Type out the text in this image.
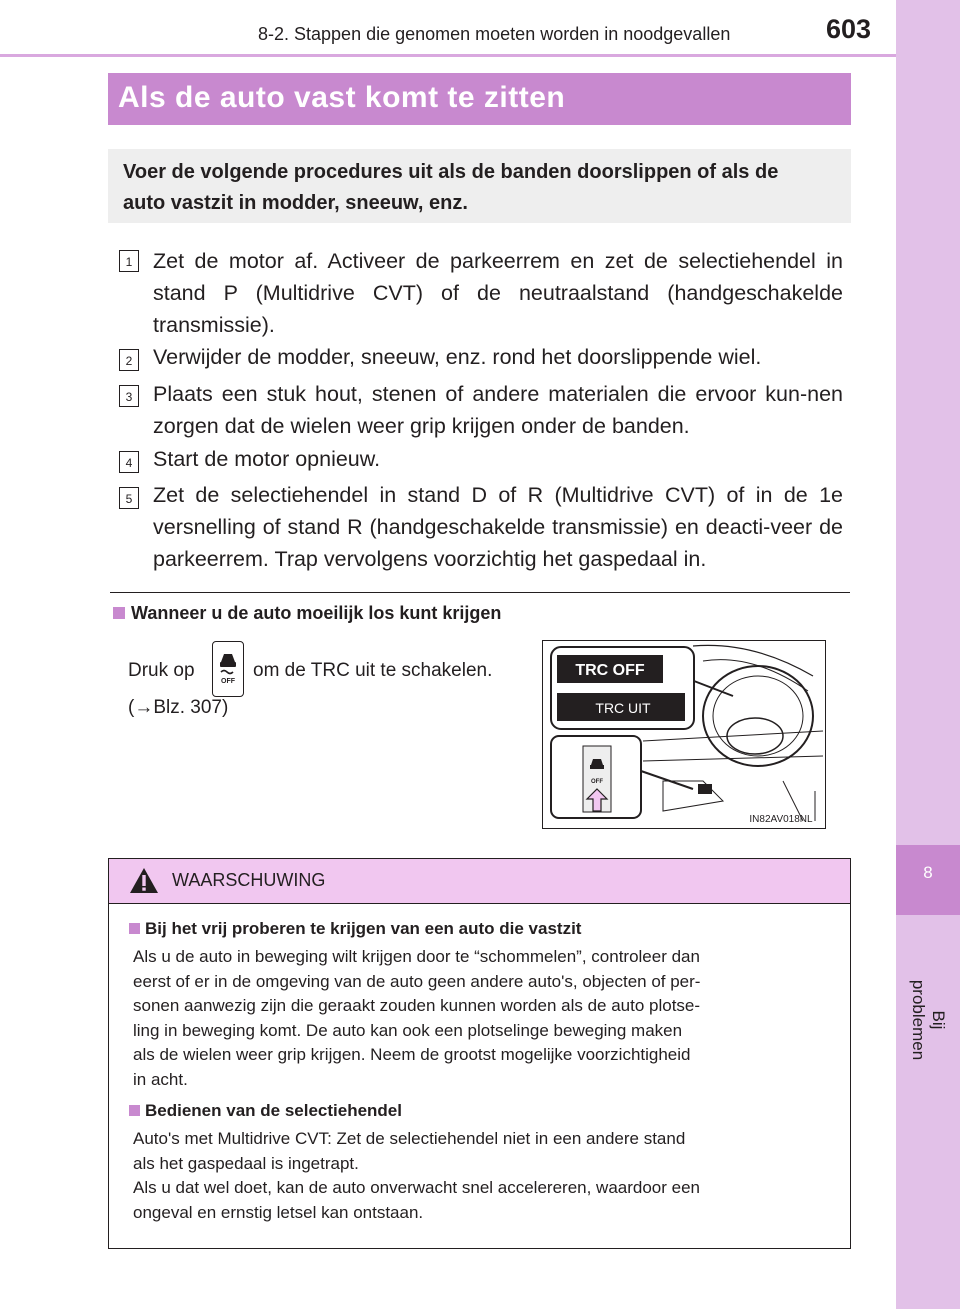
8-2. Stappen die genomen moeten worden in noodgevallen	603
8
Bij problemen
Als de auto vast komt te zitten
Voer de volgende procedures uit als de banden doorslippen of als de auto vastzit in modder, sneeuw, enz.
1 Zet de motor af. Activeer de parkeerrem en zet de selectiehendel in stand P (Multidrive CVT) of de neutraalstand (handgeschakelde transmissie).
2 Verwijder de modder, sneeuw, enz. rond het doorslippende wiel.
3 Plaats een stuk hout, stenen of andere materialen die ervoor kun-nen zorgen dat de wielen weer grip krijgen onder de banden.
4 Start de motor opnieuw.
5 Zet de selectiehendel in stand D of R (Multidrive CVT) of in de 1e versnelling of stand R (handgeschakelde transmissie) en deacti-veer de parkeerrem. Trap vervolgens voorzichtig het gaspedaal in.
Wanneer u de auto moeilijk los kunt krijgen
Druk op
OFF
om de TRC uit te schakelen.
(→Blz. 307)
TRC OFF
TRC UIT
OFF
IN82AV018NL
WAARSCHUWING
Bij het vrij proberen te krijgen van een auto die vastzit
Als u de auto in beweging wilt krijgen door te “schommelen”, controleer dan
eerst of er in de omgeving van de auto geen andere auto's, objecten of per-
sonen aanwezig zijn die geraakt zouden kunnen worden als de auto plotse-
ling in beweging komt. De auto kan ook een plotselinge beweging maken
als de wielen weer grip krijgen. Neem de grootst mogelijke voorzichtigheid
in acht.
Bedienen van de selectiehendel
Auto's met Multidrive CVT: Zet de selectiehendel niet in een andere stand
als het gaspedaal is ingetrapt.
Als u dat wel doet, kan de auto onverwacht snel accelereren, waardoor een
ongeval en ernstig letsel kan ontstaan.
